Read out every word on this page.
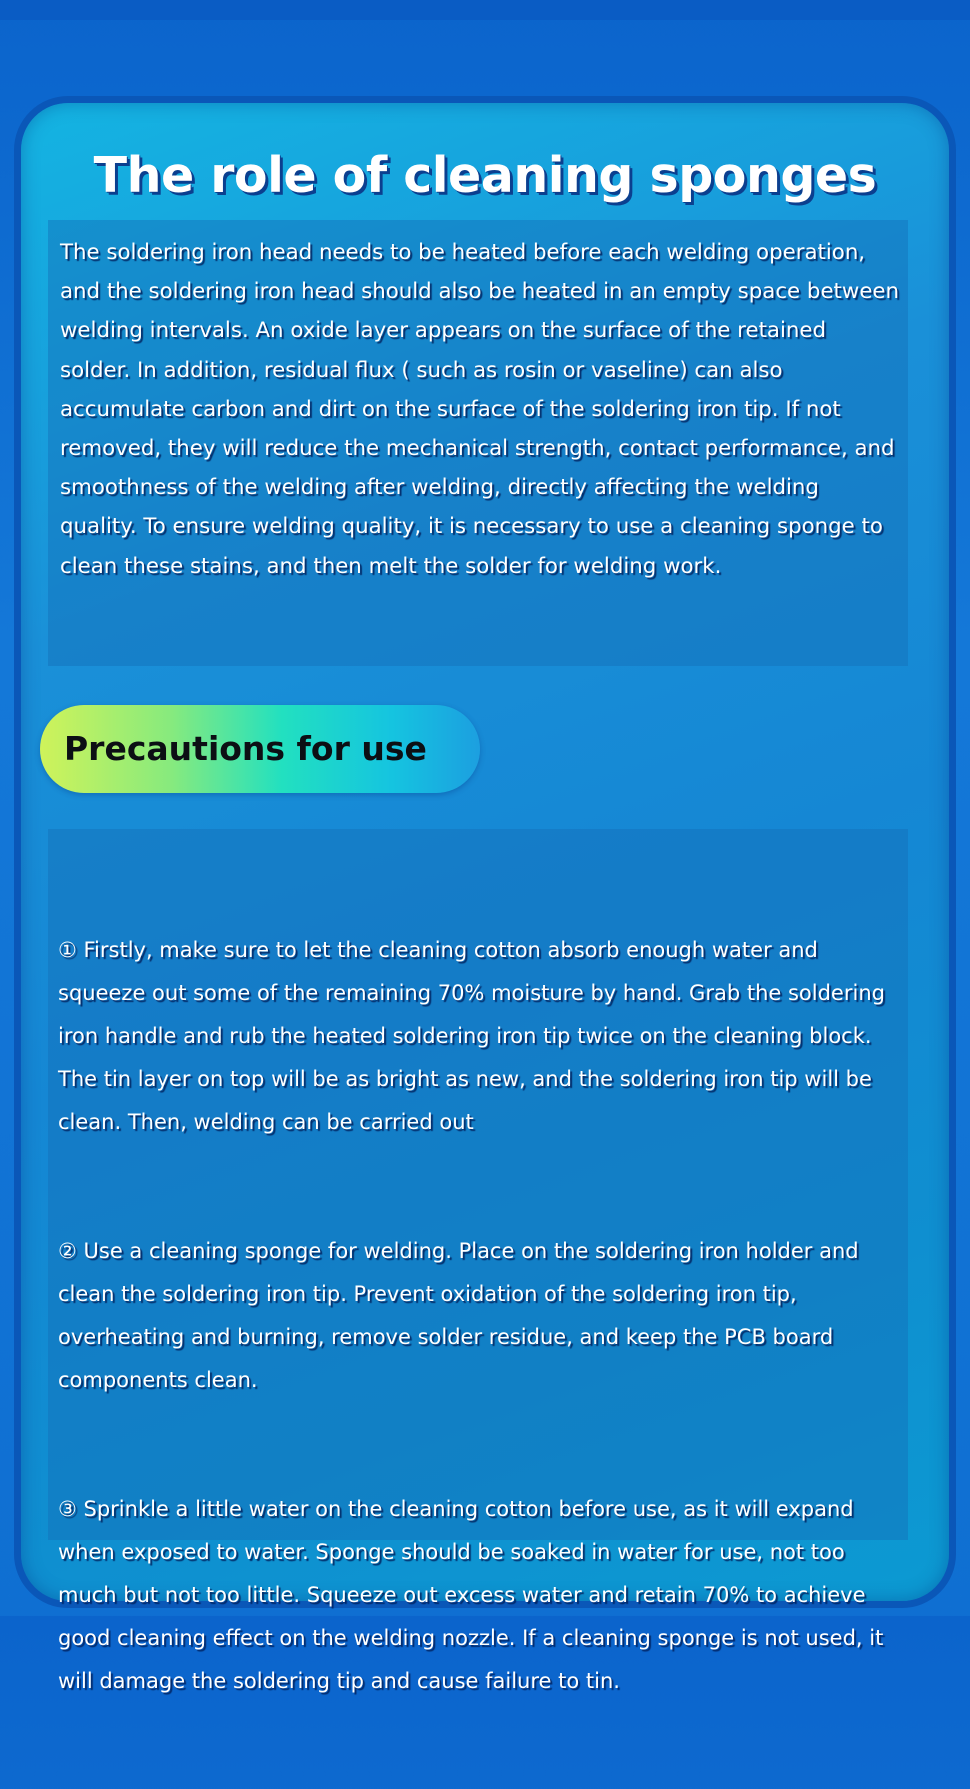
The role of cleaning sponges

The soldering iron head needs to be heated before each welding operation, and the soldering iron head should also be heated in an empty space between welding intervals. An oxide layer appears on the surface of the retained solder. In addition, residual flux ( such as rosin or vaseline) can also accumulate carbon and dirt on the surface of the soldering iron tip. If not removed, they will reduce the mechanical strength, contact performance, and smoothness of the welding after welding, directly affecting the welding quality. To ensure welding quality, it is necessary to use a cleaning sponge to clean these stains, and then melt the solder for welding work.

Precautions for use

① Firstly, make sure to let the cleaning cotton absorb enough water and squeeze out some of the remaining 70% moisture by hand. Grab the soldering iron handle and rub the heated soldering iron tip twice on the cleaning block. The tin layer on top will be as bright as new, and the soldering iron tip will be clean. Then, welding can be carried out

② Use a cleaning sponge for welding. Place on the soldering iron holder and clean the soldering iron tip. Prevent oxidation of the soldering iron tip, overheating and burning, remove solder residue, and keep the PCB board components clean.

③ Sprinkle a little water on the cleaning cotton before use, as it will expand when exposed to water. Sponge should be soaked in water for use, not too much but not too little. Squeeze out excess water and retain 70% to achieve good cleaning effect on the welding nozzle. If a cleaning sponge is not used, it will damage the soldering tip and cause failure to tin.
